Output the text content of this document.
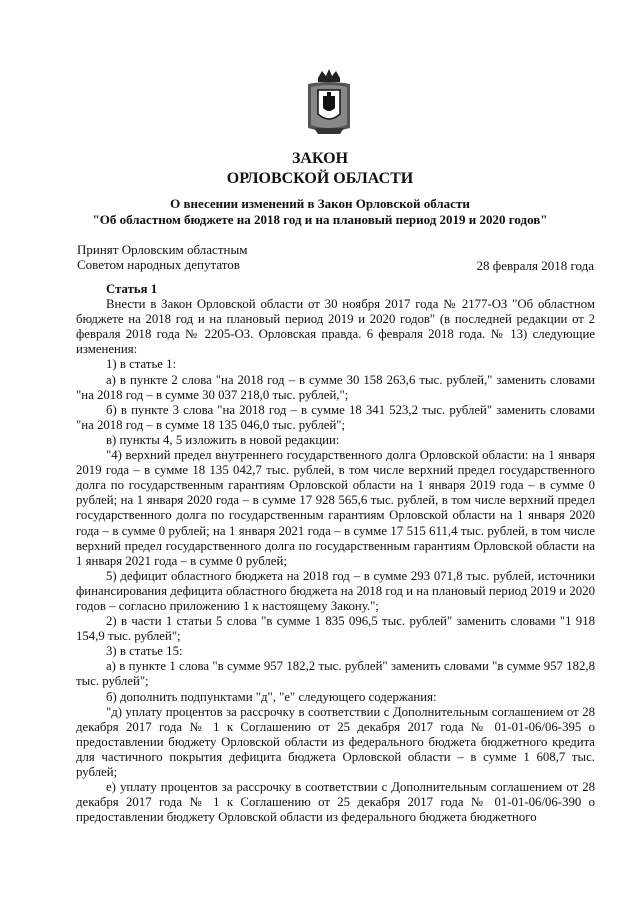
ЗАКОН
ОРЛОВСКОЙ ОБЛАСТИ
О внесении изменений в Закон Орловской области
"Об областном бюджете на 2018 год и на плановый период 2019 и 2020 годов"
Принят Орловским областным
Советом народных депутатов	28 февраля 2018 года

Статья 1

Внести в Закон Орловской области от 30 ноября 2017 года № 2177-ОЗ "Об областном бюджете на 2018 год и на плановый период 2019 и 2020 годов" (в последней редакции от 2 февраля 2018 года № 2205-ОЗ. Орловская правда. 6 февраля 2018 года. № 13) следующие изменения:

1) в статье 1:

а) в пункте 2 слова "на 2018 год – в сумме 30 158 263,6 тыс. рублей," заменить словами "на 2018 год – в сумме 30 037 218,0 тыс. рублей,";

б) в пункте 3 слова "на 2018 год – в сумме 18 341 523,2 тыс. рублей" заменить словами "на 2018 год – в сумме 18 135 046,0 тыс. рублей";

в) пункты 4, 5 изложить в новой редакции:

"4) верхний предел внутреннего государственного долга Орловской области: на 1 января 2019 года – в сумме 18 135 042,7 тыс. рублей, в том числе верхний предел государственного долга по государственным гарантиям Орловской области на 1 января 2019 года – в сумме 0 рублей; на 1 января 2020 года – в сумме 17 928 565,6 тыс. рублей, в том числе верхний предел государственного долга по государственным гарантиям Орловской области на 1 января 2020 года – в сумме 0 рублей; на 1 января 2021 года – в сумме 17 515 611,4 тыс. рублей, в том числе верхний предел государственного долга по государственным гарантиям Орловской области на 1 января 2021 года – в сумме 0 рублей;

5) дефицит областного бюджета на 2018 год – в сумме 293 071,8 тыс. рублей, источники финансирования дефицита областного бюджета на 2018 год и на плановый период 2019 и 2020 годов – согласно приложению 1 к настоящему Закону.";

2) в части 1 статьи 5 слова "в сумме 1 835 096,5 тыс. рублей" заменить словами "1 918 154,9 тыс. рублей";

3) в статье 15:

а) в пункте 1 слова "в сумме 957 182,2 тыс. рублей" заменить словами "в сумме 957 182,8 тыс. рублей";

б) дополнить подпунктами "д", "е" следующего содержания:

"д) уплату процентов за рассрочку в соответствии с Дополнительным соглашением от 28 декабря 2017 года № 1 к Соглашению от 25 декабря 2017 года № 01-01-06/06-395 о предоставлении бюджету Орловской области из федерального бюджета бюджетного кредита для частичного покрытия дефицита бюджета Орловской области – в сумме 1 608,7 тыс. рублей;

е) уплату процентов за рассрочку в соответствии с Дополнительным соглашением от 28 декабря 2017 года № 1 к Соглашению от 25 декабря 2017 года № 01-01-06/06-390 о предоставлении бюджету Орловской области из федерального бюджета бюджетного
